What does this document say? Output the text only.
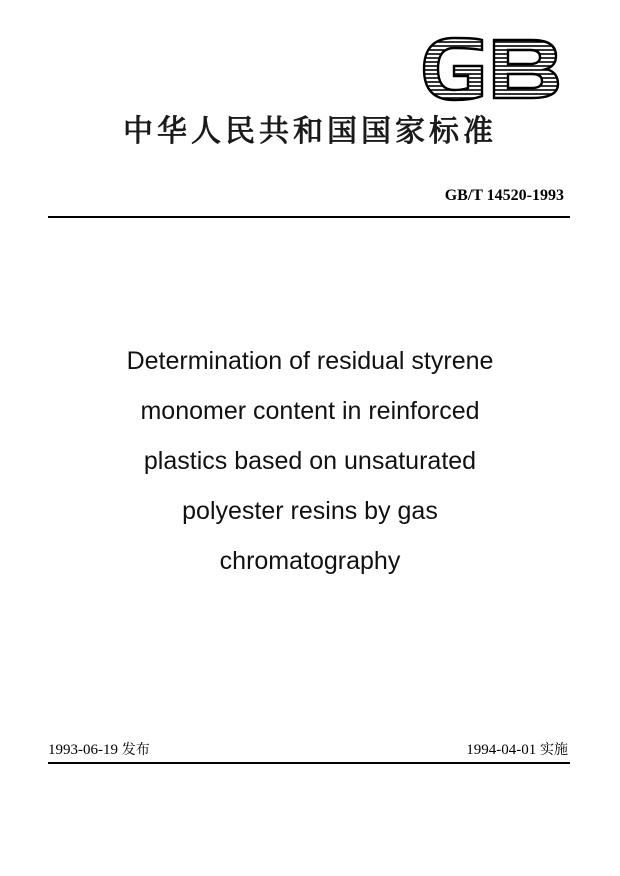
中华人民共和国国家标准
GB/T 14520-1993
Determination of residual styrene
monomer content in reinforced
plastics based on unsaturated
polyester resins by gas
chromatography
1993-06-19 发布	1994-04-01 实施
